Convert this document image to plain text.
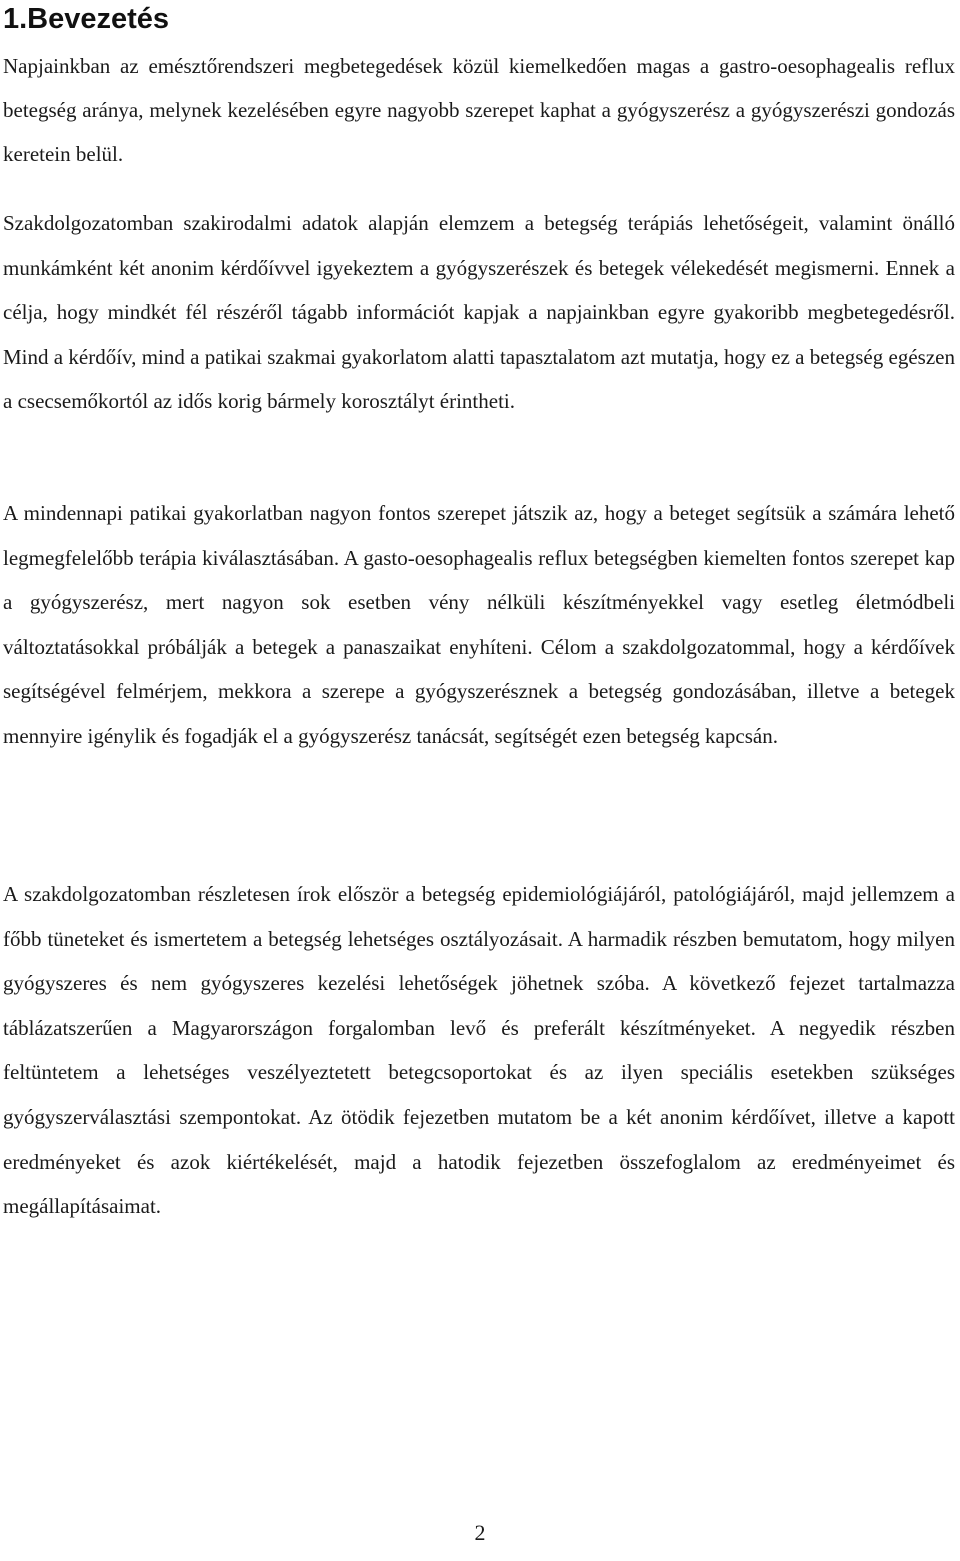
1.Bevezetés

Napjainkban az emésztőrendszeri megbetegedések közül kiemelkedően magas a gastro-oesophagealis reflux betegség aránya, melynek kezelésében egyre nagyobb szerepet kaphat a gyógyszerész a gyógyszerészi gondozás keretein belül.

Szakdolgozatomban szakirodalmi adatok alapján elemzem a betegség terápiás lehetőségeit, valamint önálló munkámként két anonim kérdőívvel igyekeztem a gyógyszerészek és betegek vélekedését megismerni. Ennek a célja, hogy mindkét fél részéről tágabb információt kapjak a napjainkban egyre gyakoribb megbetegedésről. Mind a kérdőív, mind a patikai szakmai gyakorlatom alatti tapasztalatom azt mutatja, hogy ez a betegség egészen a csecsemőkortól az idős korig bármely korosztályt érintheti.

A mindennapi patikai gyakorlatban nagyon fontos szerepet játszik az, hogy a beteget segítsük a számára lehető legmegfelelőbb terápia kiválasztásában. A gasto-oesophagealis reflux betegségben kiemelten fontos szerepet kap a gyógyszerész, mert nagyon sok esetben vény nélküli készítményekkel vagy esetleg életmódbeli változtatásokkal próbálják a betegek a panaszaikat enyhíteni. Célom a szakdolgozatommal, hogy a kérdőívek segítségével felmérjem, mekkora a szerepe a gyógyszerésznek a betegség gondozásában, illetve a betegek mennyire igénylik és fogadják el a gyógyszerész tanácsát, segítségét ezen betegség kapcsán.

A szakdolgozatomban részletesen írok először a betegség epidemiológiájáról, patológiájáról, majd jellemzem a főbb tüneteket és ismertetem a betegség lehetséges osztályozásait. A harmadik részben bemutatom, hogy milyen gyógyszeres és nem gyógyszeres kezelési lehetőségek jöhetnek szóba. A következő fejezet tartalmazza táblázatszerűen a Magyarországon forgalomban levő és preferált készítményeket. A negyedik részben feltüntetem a lehetséges veszélyeztetett betegcsoportokat és az ilyen speciális esetekben szükséges gyógyszerválasztási szempontokat. Az ötödik fejezetben mutatom be a két anonim kérdőívet, illetve a kapott eredményeket és azok kiértékelését, majd a hatodik fejezetben összefoglalom az eredményeimet és megállapításaimat.

2
